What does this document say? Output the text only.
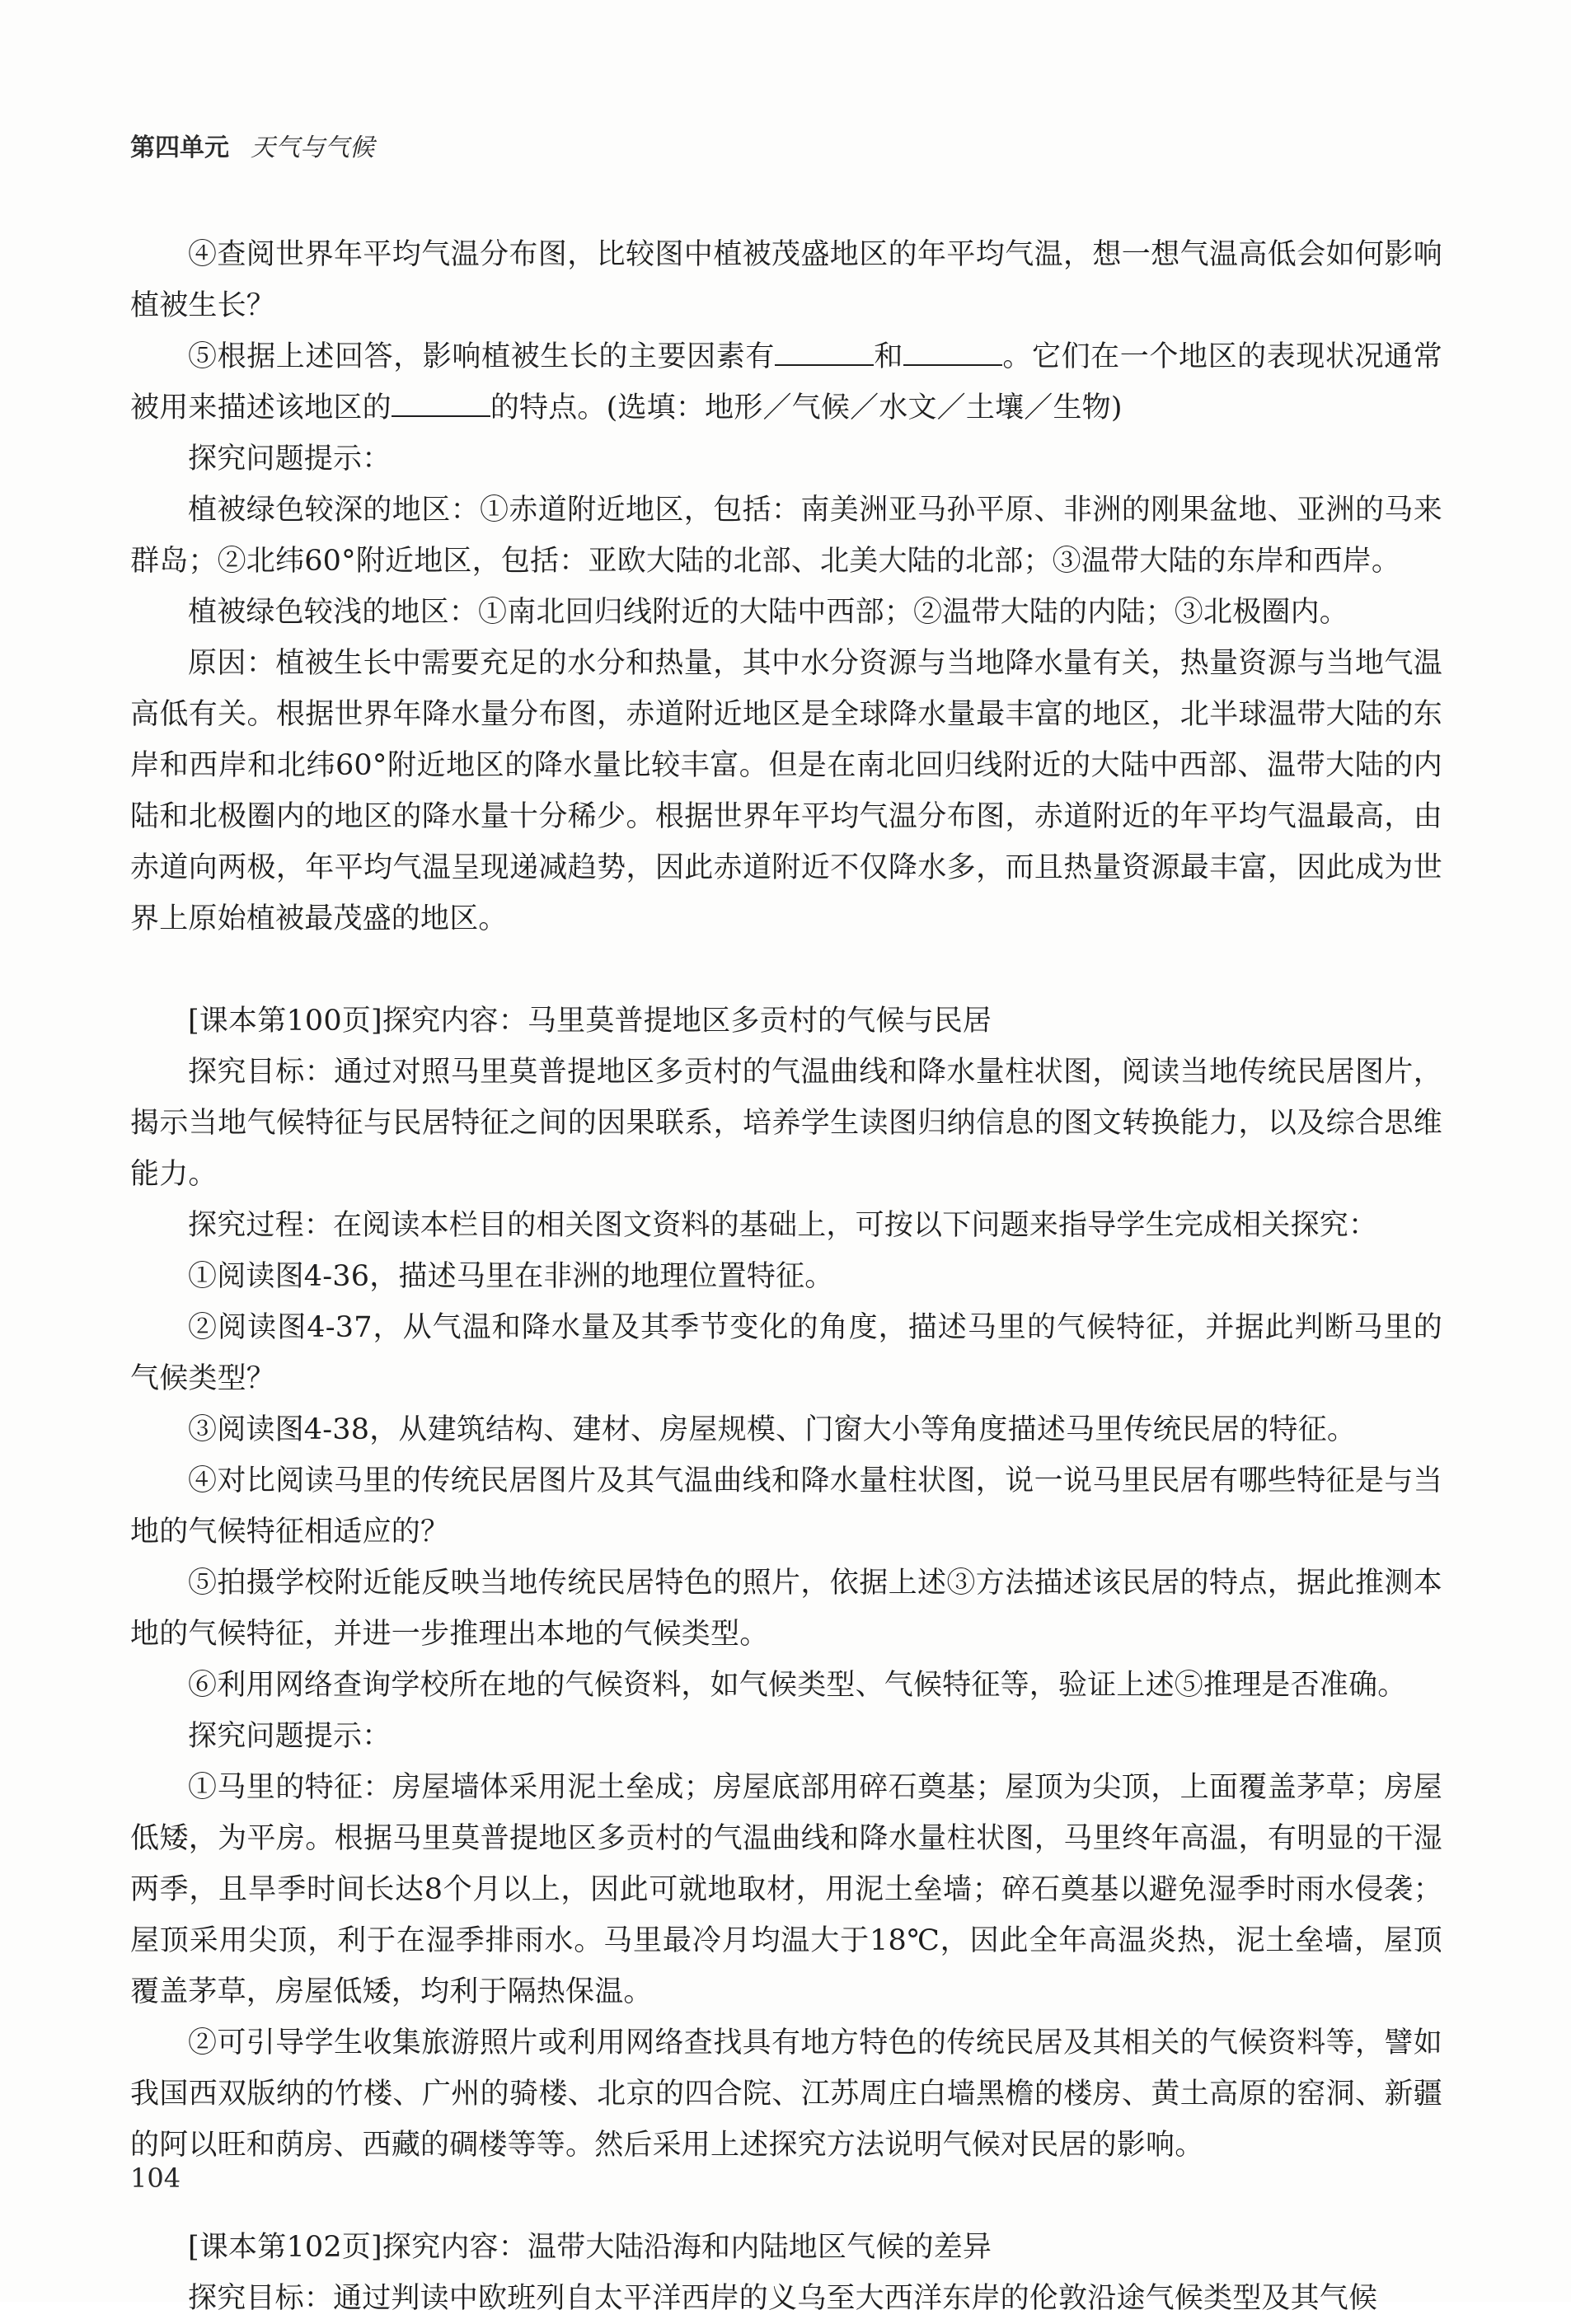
第四单元 天气与气候

④查阅世界年平均气温分布图，比较图中植被茂盛地区的年平均气温，想一想气温高低会如何影响植被生长？

⑤根据上述回答，影响植被生长的主要因素有	和	。它们在一个地区的表现状况通常被用来描述该地区的	的特点。(选填：地形／气候／水文／土壤／生物)

探究问题提示：

植被绿色较深的地区：①赤道附近地区，包括：南美洲亚马孙平原、非洲的刚果盆地、亚洲的马来群岛；②北纬60°附近地区，包括：亚欧大陆的北部、北美大陆的北部；③温带大陆的东岸和西岸。

植被绿色较浅的地区：①南北回归线附近的大陆中西部；②温带大陆的内陆；③北极圈内。

原因：植被生长中需要充足的水分和热量，其中水分资源与当地降水量有关，热量资源与当地气温高低有关。根据世界年降水量分布图，赤道附近地区是全球降水量最丰富的地区，北半球温带大陆的东岸和西岸和北纬60°附近地区的降水量比较丰富。但是在南北回归线附近的大陆中西部、温带大陆的内陆和北极圈内的地区的降水量十分稀少。根据世界年平均气温分布图，赤道附近的年平均气温最高，由赤道向两极，年平均气温呈现递减趋势，因此赤道附近不仅降水多，而且热量资源最丰富，因此成为世界上原始植被最茂盛的地区。

[课本第100页]探究内容：马里莫普提地区多贡村的气候与民居

探究目标：通过对照马里莫普提地区多贡村的气温曲线和降水量柱状图，阅读当地传统民居图片，揭示当地气候特征与民居特征之间的因果联系，培养学生读图归纳信息的图文转换能力，以及综合思维能力。

探究过程：在阅读本栏目的相关图文资料的基础上，可按以下问题来指导学生完成相关探究：

①阅读图4-36，描述马里在非洲的地理位置特征。

②阅读图4-37，从气温和降水量及其季节变化的角度，描述马里的气候特征，并据此判断马里的气候类型？

③阅读图4-38，从建筑结构、建材、房屋规模、门窗大小等角度描述马里传统民居的特征。

④对比阅读马里的传统民居图片及其气温曲线和降水量柱状图，说一说马里民居有哪些特征是与当地的气候特征相适应的？

⑤拍摄学校附近能反映当地传统民居特色的照片，依据上述③方法描述该民居的特点，据此推测本地的气候特征，并进一步推理出本地的气候类型。

⑥利用网络查询学校所在地的气候资料，如气候类型、气候特征等，验证上述⑤推理是否准确。

探究问题提示：

①马里的特征：房屋墙体采用泥土垒成；房屋底部用碎石奠基；屋顶为尖顶，上面覆盖茅草；房屋低矮，为平房。根据马里莫普提地区多贡村的气温曲线和降水量柱状图，马里终年高温，有明显的干湿两季，且旱季时间长达8个月以上，因此可就地取材，用泥土垒墙；碎石奠基以避免湿季时雨水侵袭；屋顶采用尖顶，利于在湿季排雨水。马里最冷月均温大于18℃，因此全年高温炎热，泥土垒墙，屋顶覆盖茅草，房屋低矮，均利于隔热保温。

②可引导学生收集旅游照片或利用网络查找具有地方特色的传统民居及其相关的气候资料等，譬如我国西双版纳的竹楼、广州的骑楼、北京的四合院、江苏周庄白墙黑檐的楼房、黄土高原的窑洞、新疆的阿以旺和荫房、西藏的碉楼等等。然后采用上述探究方法说明气候对民居的影响。

[课本第102页]探究内容：温带大陆沿海和内陆地区气候的差异

探究目标：通过判读中欧班列自太平洋西岸的义乌至大西洋东岸的伦敦沿途气候类型及其气候

104
